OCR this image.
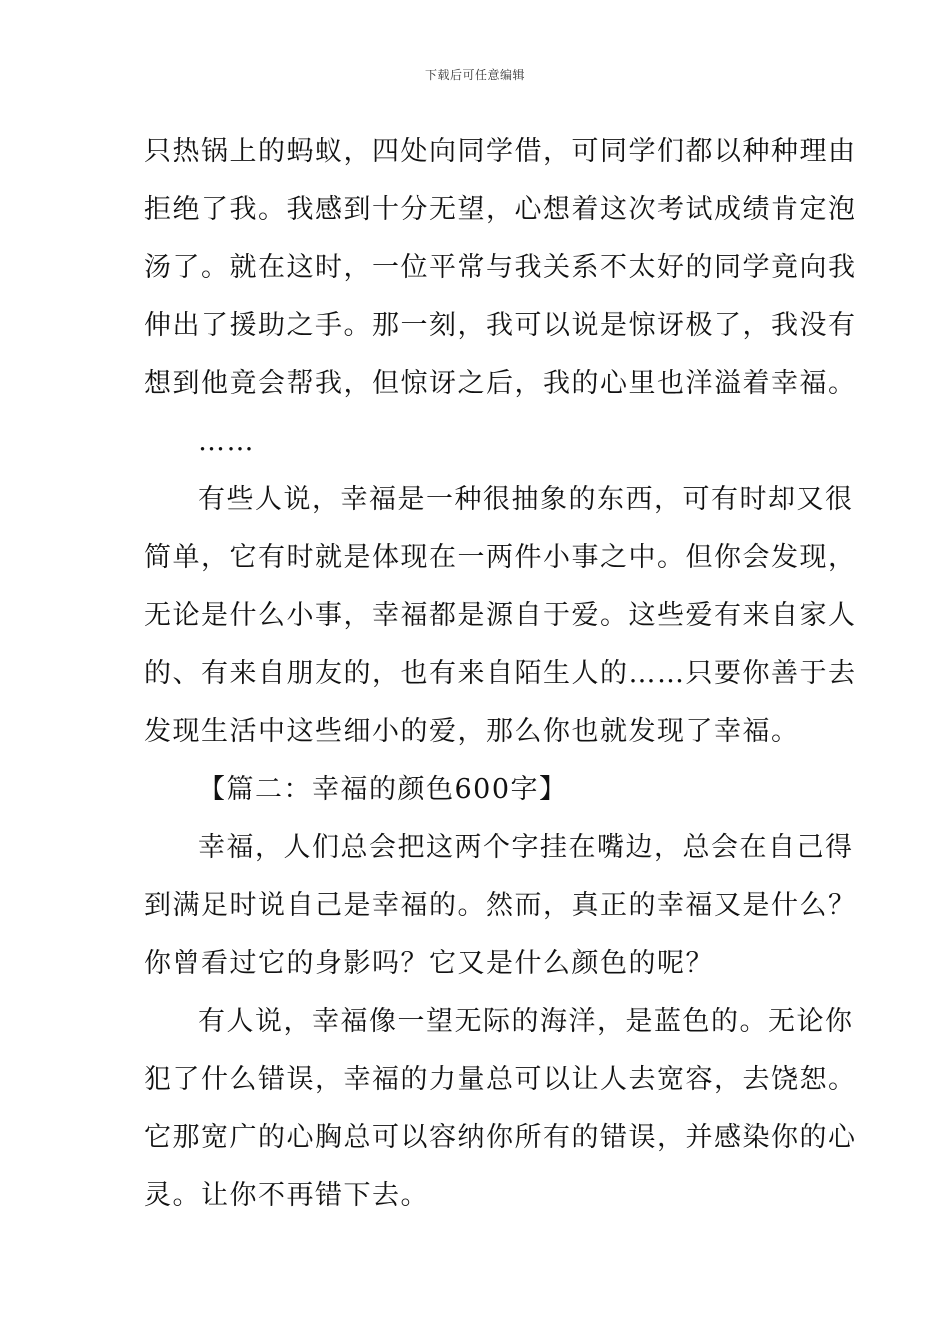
下载后可任意编辑
只热锅上的蚂蚁，四处向同学借，可同学们都以种种理由
拒绝了我。我感到十分无望，心想着这次考试成绩肯定泡
汤了。就在这时，一位平常与我关系不太好的同学竟向我
伸出了援助之手。那一刻，我可以说是惊讶极了，我没有
想到他竟会帮我，但惊讶之后，我的心里也洋溢着幸福。
……
有些人说，幸福是一种很抽象的东西，可有时却又很
简单，它有时就是体现在一两件小事之中。但你会发现，
无论是什么小事，幸福都是源自于爱。这些爱有来自家人
的、有来自朋友的，也有来自陌生人的……只要你善于去
发现生活中这些细小的爱，那么你也就发现了幸福。
【篇二：幸福的颜色600字】
幸福，人们总会把这两个字挂在嘴边，总会在自己得
到满足时说自己是幸福的。然而，真正的幸福又是什么？
你曾看过它的身影吗？它又是什么颜色的呢？
有人说，幸福像一望无际的海洋，是蓝色的。无论你
犯了什么错误，幸福的力量总可以让人去宽容，去饶恕。
它那宽广的心胸总可以容纳你所有的错误，并感染你的心
灵。让你不再错下去。
